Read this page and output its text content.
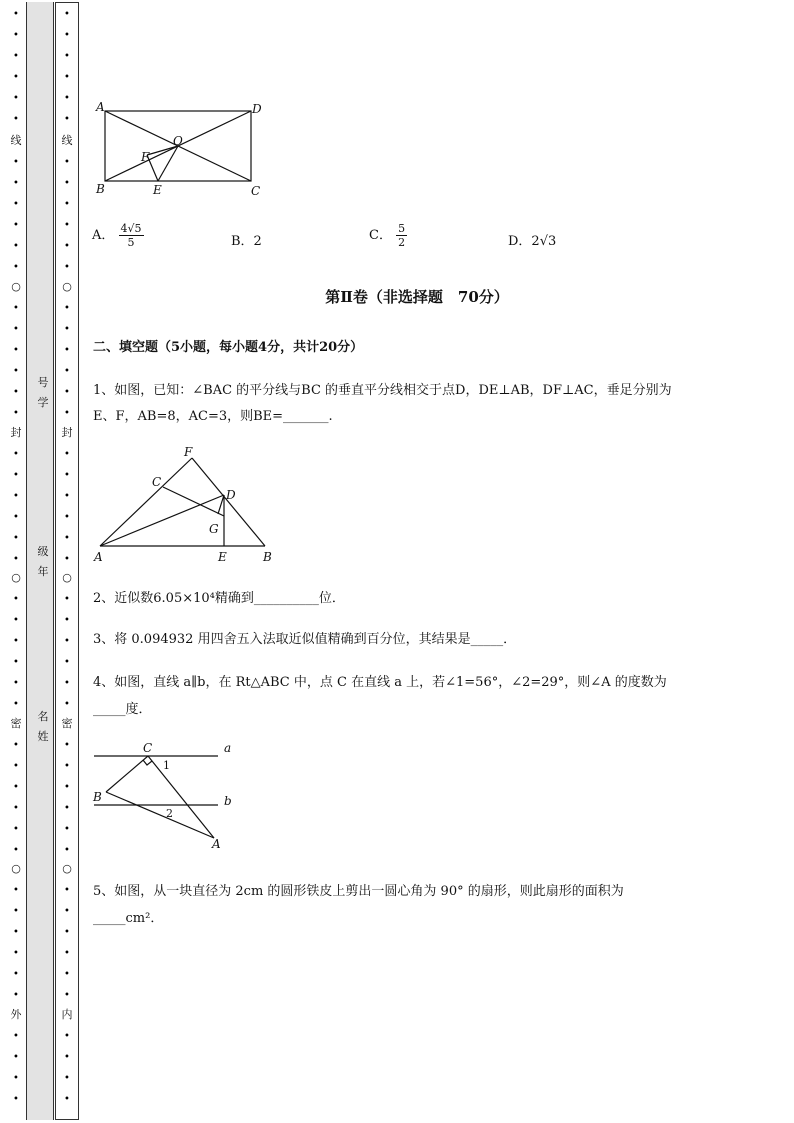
•
•
•
•
•
•
线
•
•
•
•
•
•
○
•
•
•
•
•
•
封
•
•
•
•
•
•
○
•
•
•
•
•
•
密
•
•
•
•
•
•
○
•
•
•
•
•
•
外
•
•
•
•
•
•
•
•
•
•
线
•
•
•
•
•
•
○
•
•
•
•
•
•
封
•
•
•
•
•
•
○
•
•
•
•
•
•
密
•
•
•
•
•
•
○
•
•
•
•
•
•
内
•
•
•
•
号
学
级
年
名
姓
A	D
O
F
B	E	C
A． $\frac{4√5}{5}$	B．2	C． $\frac{5}{2}$	D．2√3
第Ⅱ卷（非选择题　70分）
二、填空题（5小题，每小题4分，共计20分）
1、如图，已知：∠BAC 的平分线与BC 的垂直平分线相交于点D，DE⊥AB，DF⊥AC，垂足分别为
E、F，AB=8，AC=3，则BE=_______.
F
C
D
G
A	E	B
2、近似数6.05×10⁴精确到__________位．
3、将 0.094932 用四舍五入法取近似值精确到百分位，其结果是_____．
4、如图，直线 a∥b，在 Rt△ABC 中，点 C 在直线 a 上，若∠1=56°，∠2=29°，则∠A 的度数为
_____度．
C	a
1
B	b
2
A
5、如图，从一块直径为 2cm 的圆形铁皮上剪出一圆心角为 90° 的扇形，则此扇形的面积为
_____cm²．
